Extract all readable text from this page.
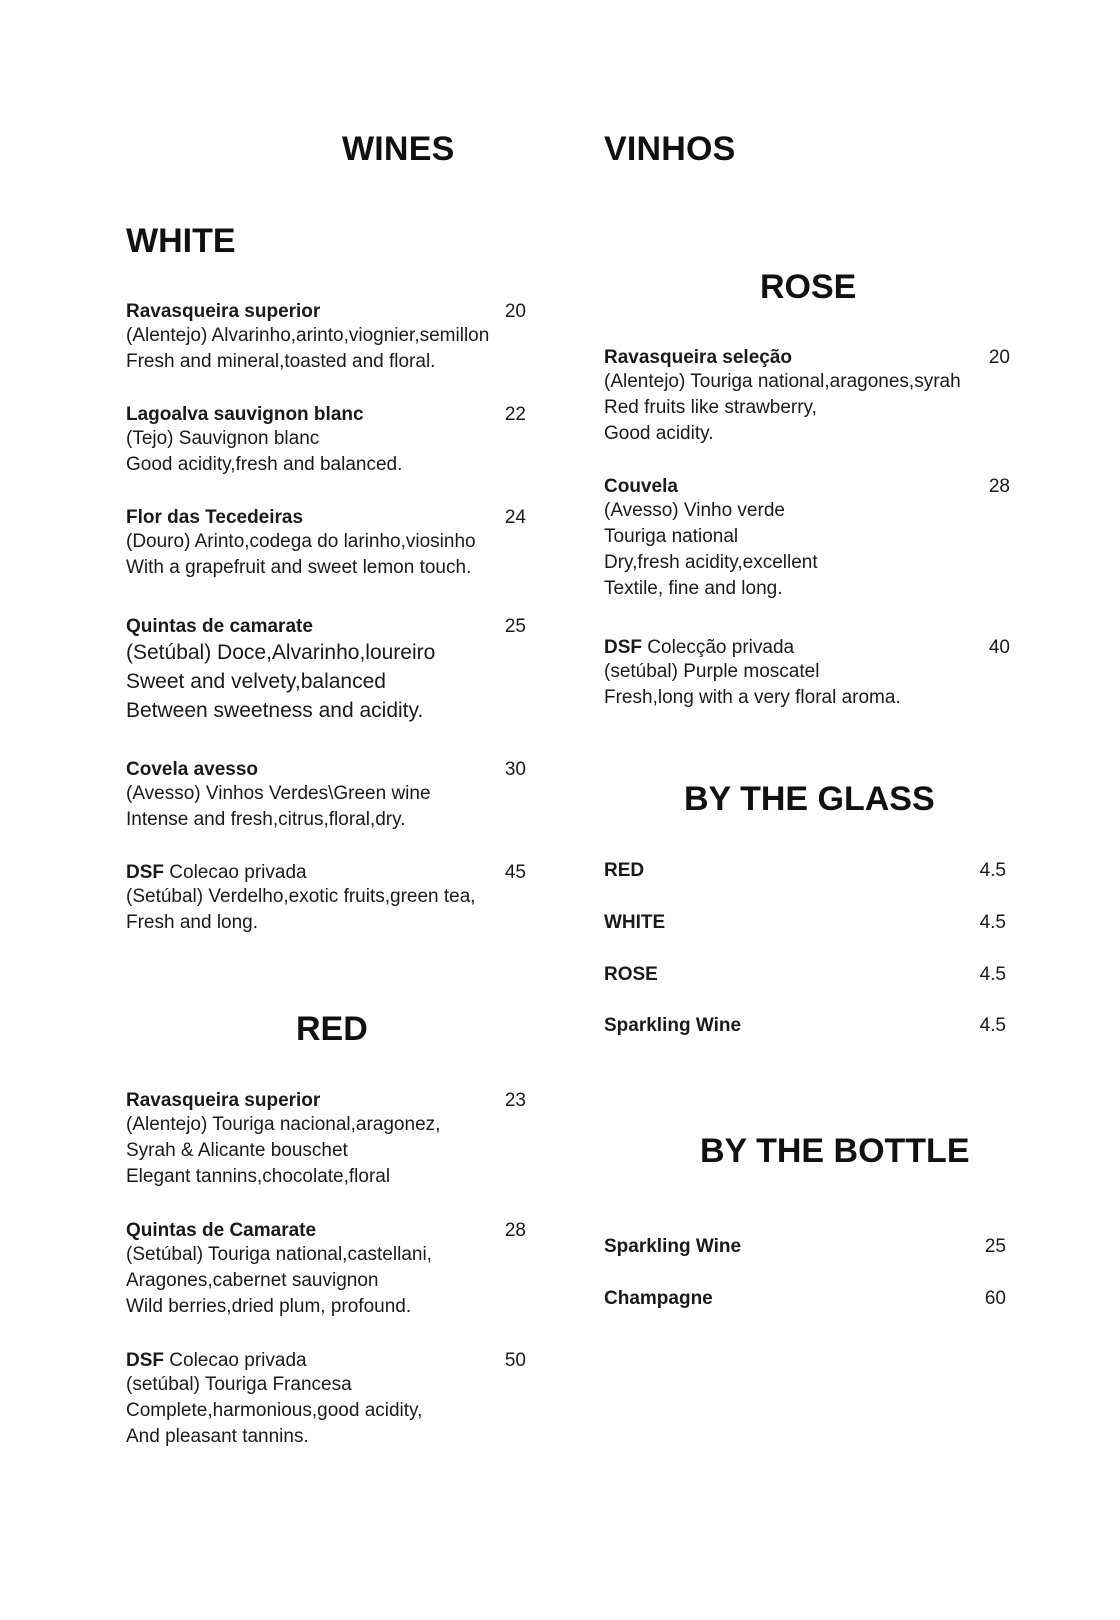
WINES	VINHOS
WHITE
Ravasqueira superior	20
(Alentejo) Alvarinho,arinto,viognier,semillon
Fresh and mineral,toasted and floral.
Lagoalva sauvignon blanc	22
(Tejo) Sauvignon blanc
Good acidity,fresh and balanced.
Flor das Tecedeiras	24
(Douro) Arinto,codega do larinho,viosinho
With a grapefruit and sweet lemon touch.
Quintas de camarate	25
(Setúbal) Doce,Alvarinho,loureiro
Sweet and velvety,balanced
Between sweetness and acidity.
Covela avesso	30
(Avesso) Vinhos Verdes\Green wine
Intense and fresh,citrus,floral,dry.
DSF Colecao privada	45
(Setúbal) Verdelho,exotic fruits,green tea,
Fresh and long.
RED
Ravasqueira superior	23
(Alentejo) Touriga nacional,aragonez,
Syrah & Alicante bouschet
Elegant tannins,chocolate,floral
Quintas de Camarate	28
(Setúbal) Touriga national,castellani,
Aragones,cabernet sauvignon
Wild berries,dried plum, profound.
DSF Colecao privada	50
(setúbal) Touriga Francesa
Complete,harmonious,good acidity,
And pleasant tannins.
ROSE
Ravasqueira seleção	20
(Alentejo) Touriga national,aragones,syrah
Red fruits like strawberry,
Good acidity.
Couvela	28
(Avesso) Vinho verde
Touriga national
Dry,fresh acidity,excellent
Textile, fine and long.
DSF Colecção privada	40
(setúbal) Purple moscatel
Fresh,long with a very floral aroma.
BY THE GLASS
RED	4.5
WHITE	4.5
ROSE	4.5
Sparkling Wine	4.5
BY THE BOTTLE
Sparkling Wine	25
Champagne	60
